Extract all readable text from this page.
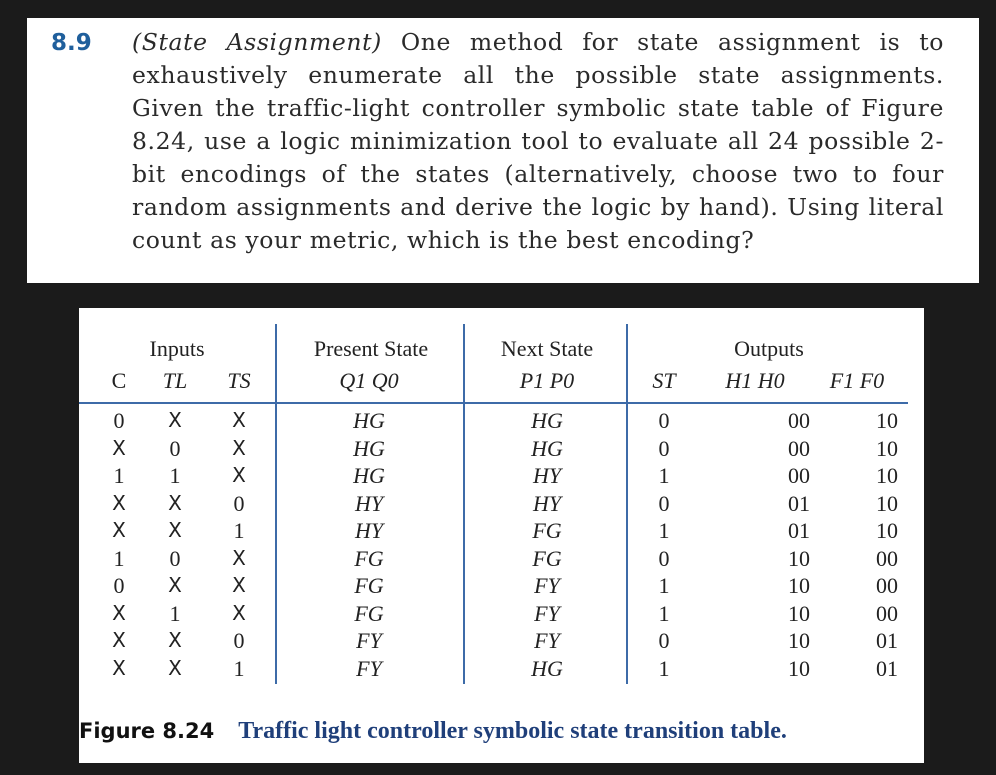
8.9 (State Assignment) One method for state assignment is to exhaustively enumerate all the possible state assignments. Given the traffic-light controller symbolic state table of Figure 8.24, use a logic minimization tool to evaluate all 24 possible 2-bit encodings of the states (alternatively, choose two to four random assignments and derive the logic by hand). Using literal count as your metric, which is the best encoding?
Inputs	Present State	Next State	Outputs
C	TL	TS	Q1 Q0	P1 P0	ST	H1 H0	F1 F0
0	X	X	HG	HG	0	00	10
X	0	X	HG	HG	0	00	10
1	1	X	HG	HY	1	00	10
X	X	0	HY	HY	0	01	10
X	X	1	HY	FG	1	01	10
1	0	X	FG	FG	0	10	00
0	X	X	FG	FY	1	10	00
X	1	X	FG	FY	1	10	00
X	X	0	FY	FY	0	10	01
X	X	1	FY	HG	1	10	01
Figure 8.24 Traffic light controller symbolic state transition table.
